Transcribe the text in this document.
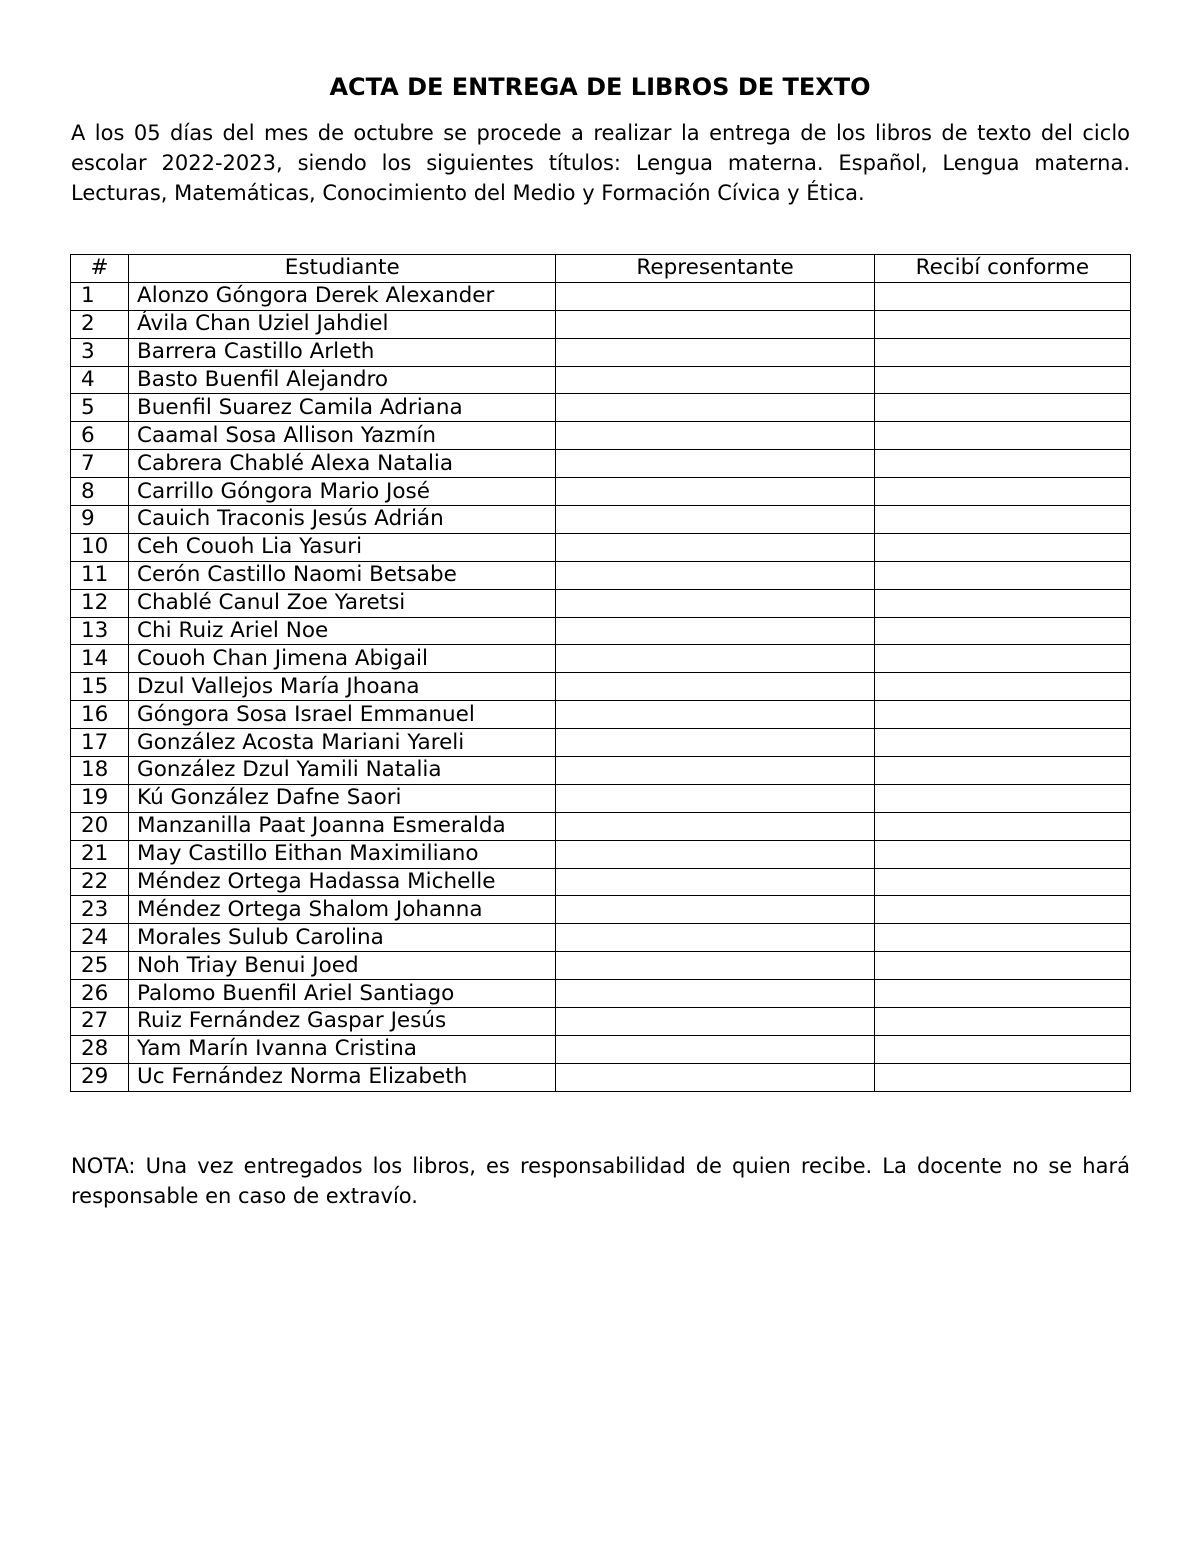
ACTA DE ENTREGA DE LIBROS DE TEXTO

A los 05 días del mes de octubre se procede a realizar la entrega de los libros de texto del ciclo escolar 2022-2023, siendo los siguientes títulos: Lengua materna. Español, Lengua materna. Lecturas, Matemáticas, Conocimiento del Medio y Formación Cívica y Ética.

#	Estudiante	Representante	Recibí conforme
1	Alonzo Góngora Derek Alexander		
2	Ávila Chan Uziel Jahdiel		
3	Barrera Castillo Arleth		
4	Basto Buenfil Alejandro		
5	Buenfil Suarez Camila Adriana		
6	Caamal Sosa Allison Yazmín		
7	Cabrera Chablé Alexa Natalia		
8	Carrillo Góngora Mario José		
9	Cauich Traconis Jesús Adrián		
10	Ceh Couoh Lia Yasuri		
11	Cerón Castillo Naomi Betsabe		
12	Chablé Canul Zoe Yaretsi		
13	Chi Ruiz Ariel Noe		
14	Couoh Chan Jimena Abigail		
15	Dzul Vallejos María Jhoana		
16	Góngora Sosa Israel Emmanuel		
17	González Acosta Mariani Yareli		
18	González Dzul Yamili Natalia		
19	Kú González Dafne Saori		
20	Manzanilla Paat Joanna Esmeralda		
21	May Castillo Eithan Maximiliano		
22	Méndez Ortega Hadassa Michelle		
23	Méndez Ortega Shalom Johanna		
24	Morales Sulub Carolina		
25	Noh Triay Benui Joed		
26	Palomo Buenfil Ariel Santiago		
27	Ruiz Fernández Gaspar Jesús		
28	Yam Marín Ivanna Cristina		
29	Uc Fernández Norma Elizabeth		

NOTA: Una vez entregados los libros, es responsabilidad de quien recibe. La docente no se hará responsable en caso de extravío.
